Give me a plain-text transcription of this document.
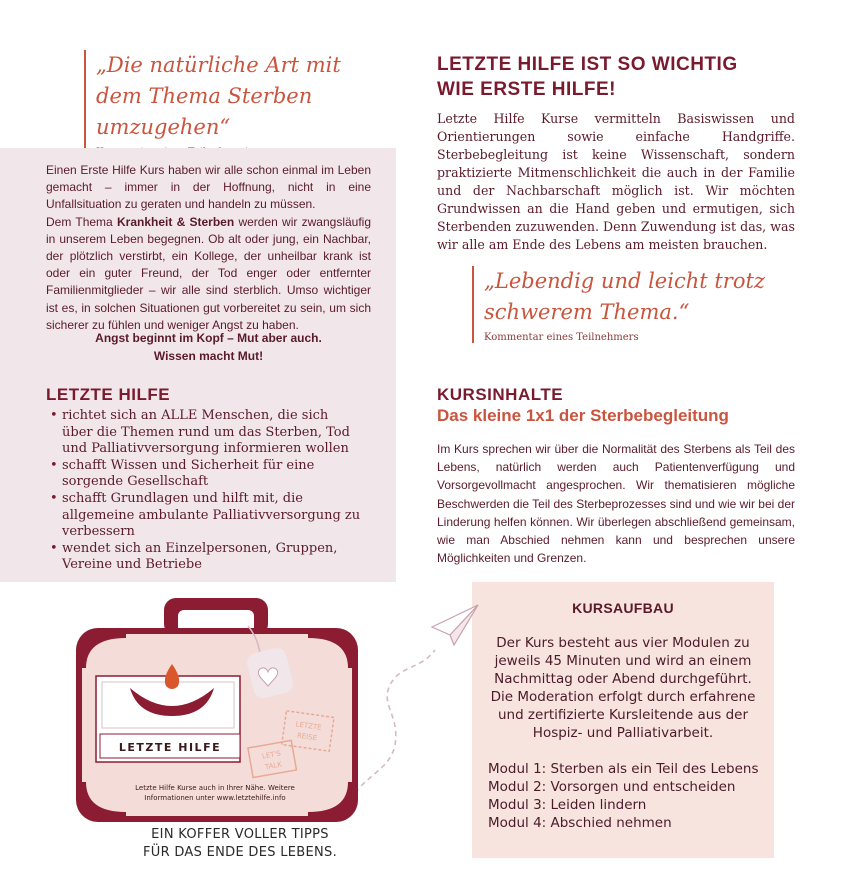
„Die natürliche Art mit dem Thema Sterben umzugehen“

Einen Erste Hilfe Kurs haben wir alle schon einmal im Leben gemacht – immer in der Hoffnung, nicht in eine Unfallsituation zu geraten und handeln zu müssen.

Dem Thema Krankheit & Sterben werden wir zwangsläufig in unserem Leben begegnen. Ob alt oder jung, ein Nachbar, der plötzlich verstirbt, ein Kollege, der unheilbar krank ist oder ein guter Freund, der Tod enger oder entfernter Familienmitglieder – wir alle sind sterblich. Umso wichtiger ist es, in solchen Situationen gut vorbereitet zu sein, um sich sicherer zu fühlen und weniger Angst zu haben.

Angst beginnt im Kopf – Mut aber auch.
Wissen macht Mut!
LETZTE HILFE
• richtet sich an ALLE Menschen, die sich über die Themen rund um das Sterben, Tod und Palliativversorgung informieren wollen
• schafft Wissen und Sicherheit für eine sorgende Gesellschaft
• schafft Grundlagen und hilft mit, die allgemeine ambulante Palliativversorgung zu verbessern
• wendet sich an Einzelpersonen, Gruppen, Vereine und Betriebe
LETZTE HILFE IST SO WICHTIG
WIE ERSTE HILFE!
Letzte Hilfe Kurse vermitteln Basiswissen und Orientierungen sowie einfache Handgriffe. Sterbebegleitung ist keine Wissenschaft, sondern praktizierte Mitmenschlichkeit die auch in der Familie und der Nachbarschaft möglich ist. Wir möchten Grundwissen an die Hand geben und ermutigen, sich Sterbenden zuzuwenden. Denn Zuwendung ist das, was wir alle am Ende des Lebens am meisten brauchen.
„Lebendig und leicht trotz schwerem Thema.“
Kommentar eines Teilnehmers
KURSINHALTE
Das kleine 1x1 der Sterbebegleitung
Im Kurs sprechen wir über die Normalität des Sterbens als Teil des Lebens, natürlich werden auch Patientenverfügung und Vorsorgevollmacht angesprochen. Wir thematisieren mögliche Beschwerden die Teil des Sterbeprozesses sind und wie wir bei der Linderung helfen können. Wir überlegen abschließend gemeinsam, wie man Abschied nehmen kann und besprechen unsere Möglichkeiten und Grenzen.
KURSAUFBAU
Der Kurs besteht aus vier Modulen zu jeweils 45 Minuten und wird an einem Nachmittag oder Abend durchgeführt. Die Moderation erfolgt durch erfahrene und zertifizierte Kursleitende aus der Hospiz- und Palliativarbeit.
Modul 1: Sterben als ein Teil des Lebens
Modul 2: Vorsorgen und entscheiden
Modul 3: Leiden lindern
Modul 4: Abschied nehmen
LETZTE HILFE
LETZTE
REISE
LET'S
TALK
Letzte Hilfe Kurse auch in Ihrer Nähe. Weitere
Informationen unter www.letztehilfe.info
EIN KOFFER VOLLER TIPPS
FÜR DAS ENDE DES LEBENS.
